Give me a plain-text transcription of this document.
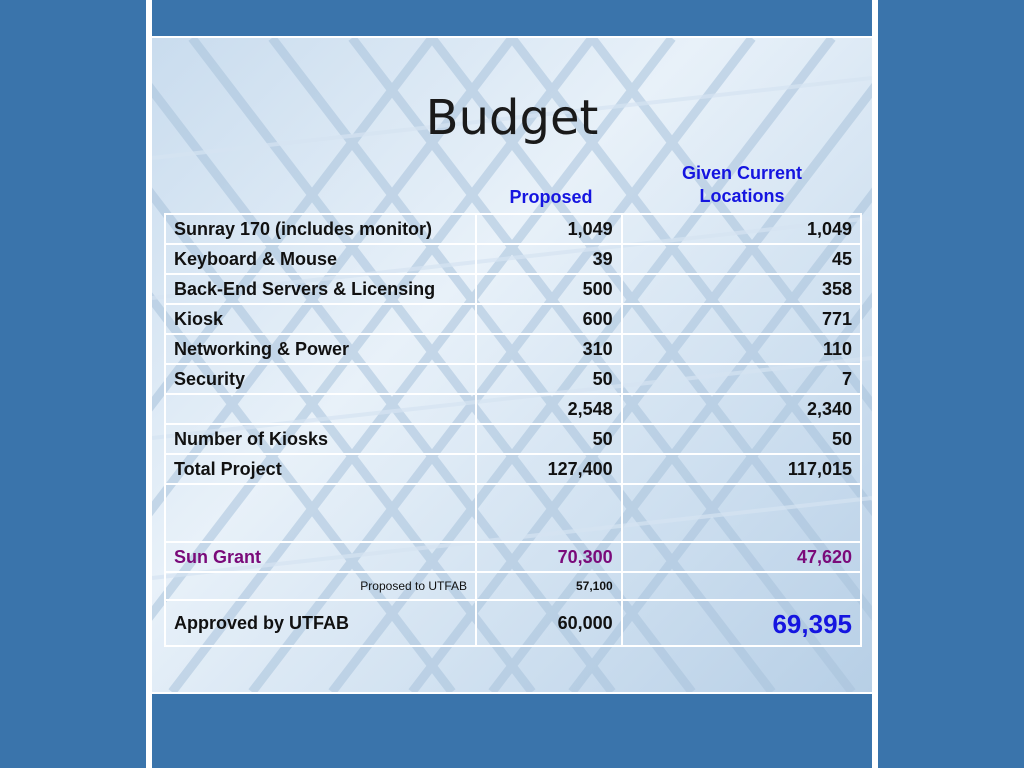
Budget
Proposed
Given Current
Locations
Sunray 170 (includes monitor)	1,049	1,049
Keyboard & Mouse	39	45
Back-End Servers & Licensing	500	358
Kiosk	600	771
Networking & Power	310	110
Security	50	7
	2,548	2,340
Number of Kiosks	50	50
Total Project	127,400	117,015

Sun Grant	70,300	47,620
Proposed to UTFAB	57,100	
Approved by UTFAB	60,000	69,395
